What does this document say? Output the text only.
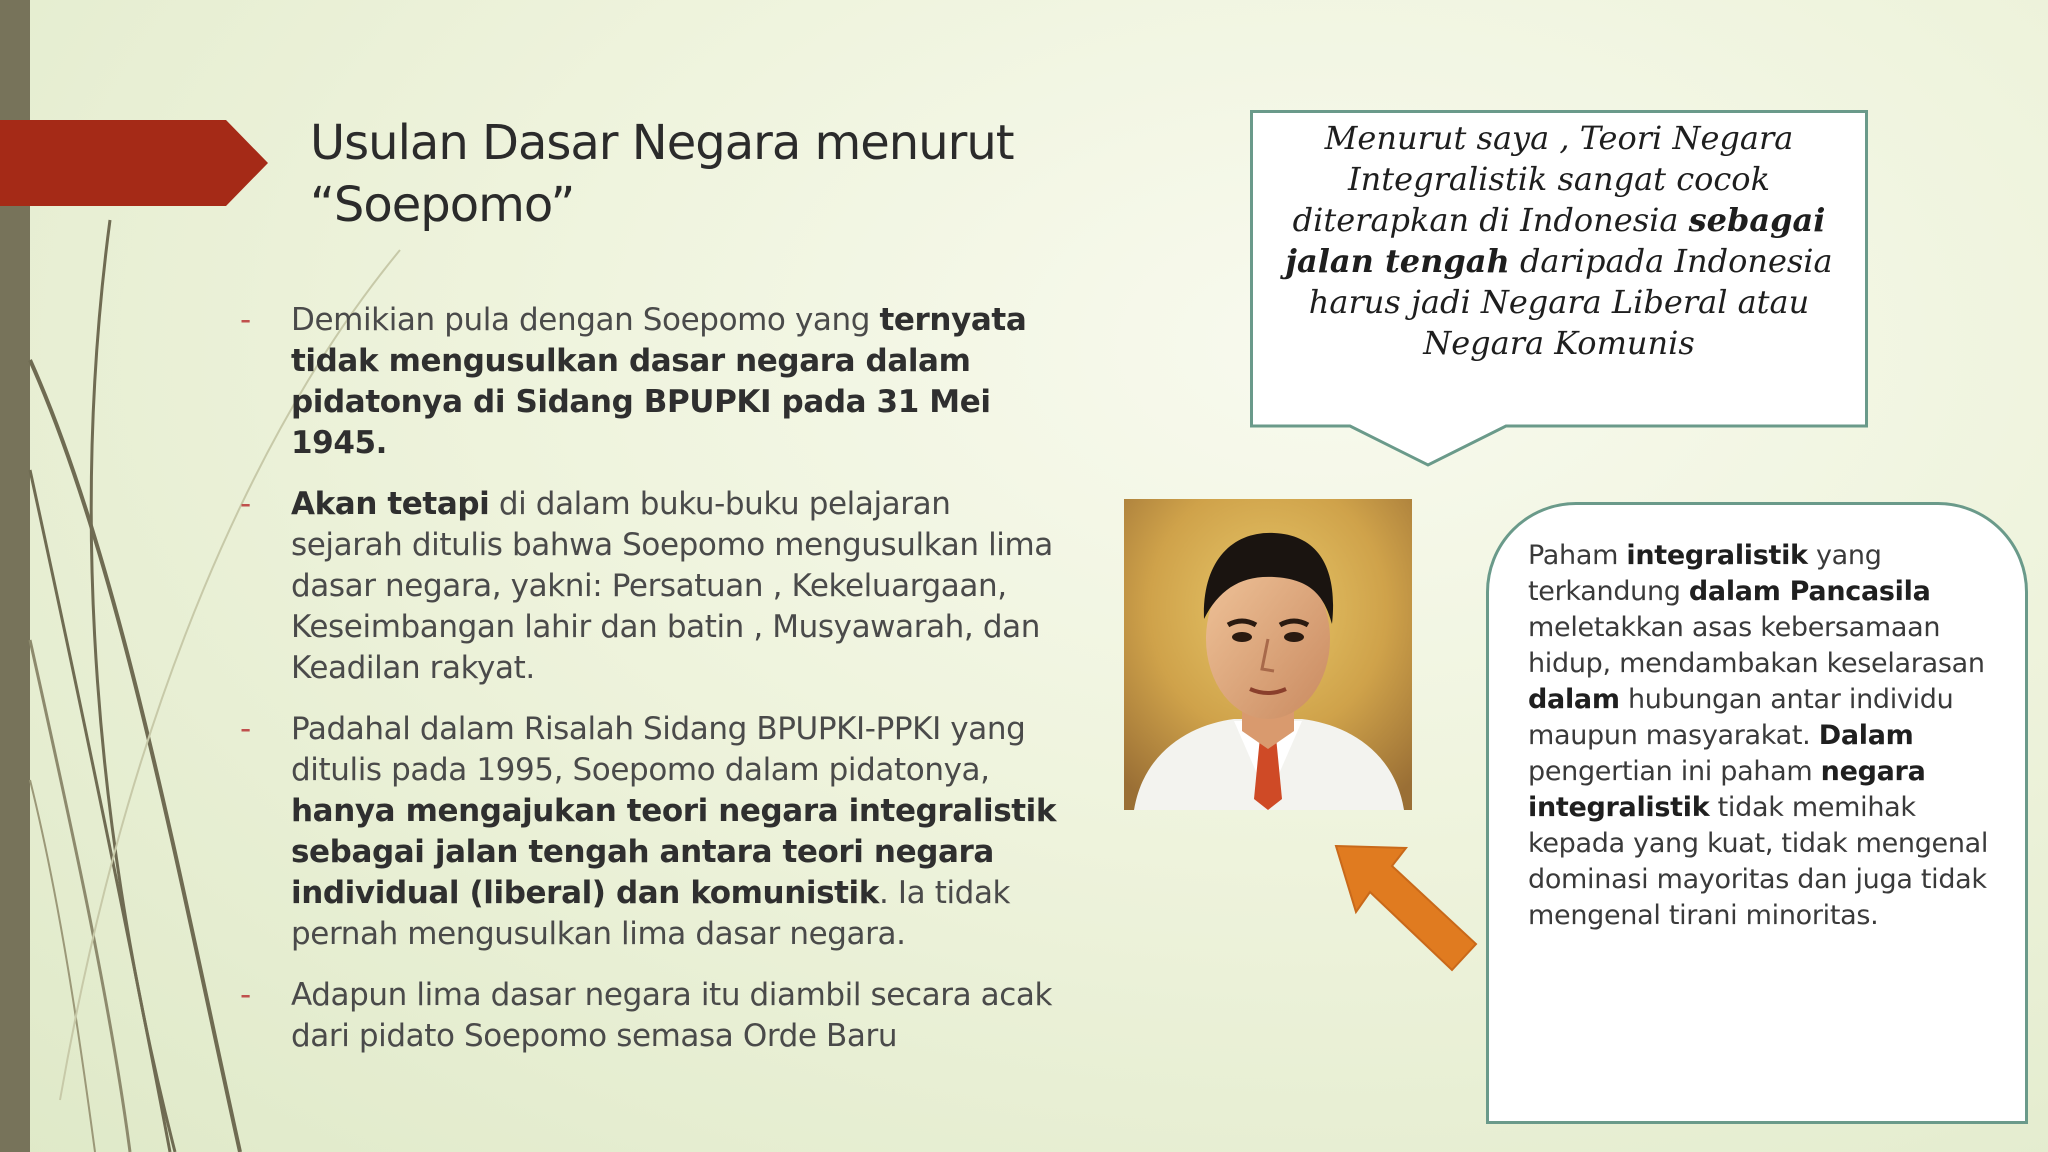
Usulan Dasar Negara menurut
“Soepomo”
- Demikian pula dengan Soepomo yang ternyata tidak mengusulkan dasar negara dalam pidatonya di Sidang BPUPKI pada 31 Mei 1945.
- Akan tetapi di dalam buku-buku pelajaran sejarah ditulis bahwa Soepomo mengusulkan lima dasar negara, yakni: Persatuan , Kekeluargaan, Keseimbangan lahir dan batin , Musyawarah, dan Keadilan rakyat.
- Padahal dalam Risalah Sidang BPUPKI-PPKI yang ditulis pada 1995, Soepomo dalam pidatonya, hanya mengajukan teori negara integralistik sebagai jalan tengah antara teori negara individual (liberal) dan komunistik. Ia tidak pernah mengusulkan lima dasar negara.
- Adapun lima dasar negara itu diambil secara acak dari pidato Soepomo semasa Orde Baru

Menurut saya , Teori Negara Integralistik sangat cocok diterapkan di Indonesia sebagai jalan tengah daripada Indonesia harus jadi Negara Liberal atau Negara Komunis

Paham integralistik yang terkandung dalam Pancasila meletakkan asas kebersamaan hidup, mendambakan keselarasan dalam hubungan antar individu maupun masyarakat. Dalam pengertian ini paham negara integralistik tidak memihak kepada yang kuat, tidak mengenal dominasi mayoritas dan juga tidak mengenal tirani minoritas.
